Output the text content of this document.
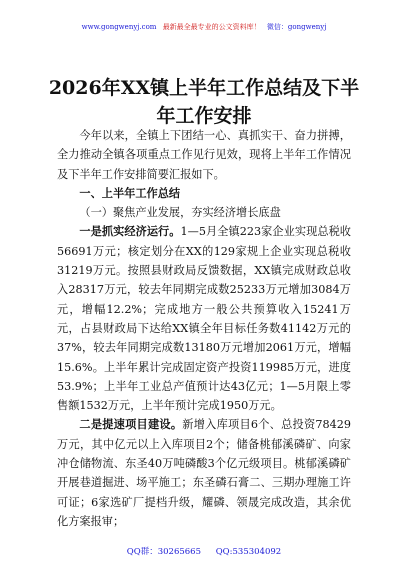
www.gongwenyj.com 最新最全最专业的公文资料库！ 微信：gongwenyj
2026年XX镇上半年工作总结及下半年工作安排

今年以来，全镇上下团结一心、真抓实干、奋力拼搏，全力推动全镇各项重点工作见行见效，现将上半年工作情况及下半年工作安排简要汇报如下。

一、上半年工作总结

（一）聚焦产业发展，夯实经济增长底盘

一是抓实经济运行。1—5月全镇223家企业实现总税收56691万元；核定划分在XX的129家规上企业实现总税收31219万元。按照县财政局反馈数据，XX镇完成财政总收入28317万元，较去年同期完成数25233万元增加3084万元，增幅12.2%；完成地方一般公共预算收入15241万元，占县财政局下达给XX镇全年目标任务数41142万元的37%，较去年同期完成数13180万元增加2061万元，增幅15.6%。上半年累计完成固定资产投资119985万元，进度53.9%；上半年工业总产值预计达43亿元；1—5月限上零售额1532万元，上半年预计完成1950万元。

二是提速项目建设。新增入库项目6个、总投资78429万元，其中亿元以上入库项目2个；储备桃郁溪磷矿、向家冲仓储物流、东圣40万吨磷酸3个亿元级项目。桃郁溪磷矿开展巷道掘进、场平施工；东圣磷石膏二、三期办理施工许可证；6家选矿厂提档升级，耀磷、领晟完成改造，其余优化方案报审；

QQ群：30265665 QQ:535304092
